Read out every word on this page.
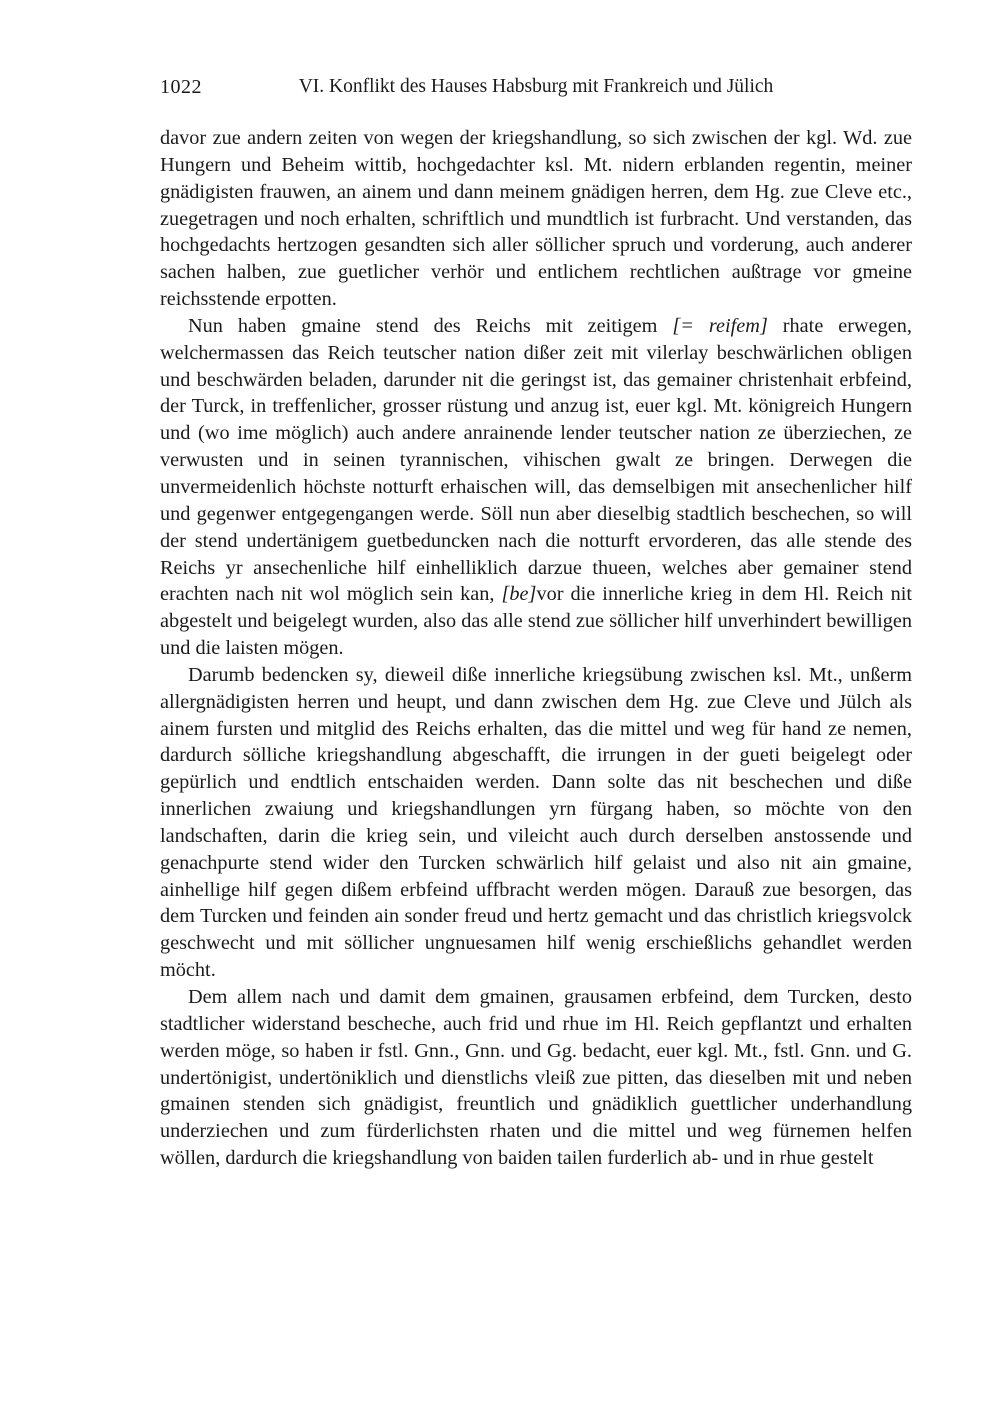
1022	VI. Konflikt des Hauses Habsburg mit Frankreich und Jülich

davor zue andern zeiten von wegen der kriegshandlung, so sich zwischen der kgl. Wd. zue Hungern und Beheim wittib, hochgedachter ksl. Mt. nidern erblanden regentin, meiner gnädigisten frauwen, an ainem und dann meinem gnädigen herren, dem Hg. zue Cleve etc., zuegetragen und noch erhalten, schriftlich und mundtlich ist furbracht. Und verstanden, das hochgedachts hertzogen gesandten sich aller söllicher spruch und vorderung, auch anderer sachen halben, zue guetlicher verhör und entlichem rechtlichen außtrage vor gmeine reichsstende erpotten.

Nun haben gmaine stend des Reichs mit zeitigem [= reifem] rhate erwegen, welchermassen das Reich teutscher nation dißer zeit mit vilerlay beschwärlichen obligen und beschwärden beladen, darunder nit die geringst ist, das gemainer christenhait erbfeind, der Turck, in treffenlicher, grosser rüstung und anzug ist, euer kgl. Mt. königreich Hungern und (wo ime möglich) auch andere anrainende lender teutscher nation ze überziechen, ze verwusten und in seinen tyrannischen, vihischen gwalt ze bringen. Derwegen die unvermeidenlich höchste notturft erhaischen will, das demselbigen mit ansechenlicher hilf und gegenwer entgegengangen werde. Söll nun aber dieselbig stadtlich beschechen, so will der stend undertänigem guetbeduncken nach die notturft ervorderen, das alle stende des Reichs yr ansechenliche hilf einhelliklich darzue thueen, welches aber gemainer stend erachten nach nit wol möglich sein kan, [be]vor die innerliche krieg in dem Hl. Reich nit abgestelt und beigelegt wurden, also das alle stend zue söllicher hilf unverhindert bewilligen und die laisten mögen.

Darumb bedencken sy, dieweil diße innerliche kriegsübung zwischen ksl. Mt., unßerm allergnädigisten herren und heupt, und dann zwischen dem Hg. zue Cleve und Jülch als ainem fursten und mitglid des Reichs erhalten, das die mittel und weg für hand ze nemen, dardurch sölliche kriegshandlung abgeschafft, die irrungen in der gueti beigelegt oder gepürlich und endtlich entschaiden werden. Dann solte das nit beschechen und diße innerlichen zwaiung und kriegshandlungen yrn fürgang haben, so möchte von den landschaften, darin die krieg sein, und vileicht auch durch derselben anstossende und genachpurte stend wider den Turcken schwärlich hilf gelaist und also nit ain gmaine, ainhellige hilf gegen dißem erbfeind uffbracht werden mögen. Darauß zue besorgen, das dem Turcken und feinden ain sonder freud und hertz gemacht und das christlich kriegsvolck geschwecht und mit söllicher ungnuesamen hilf wenig erschießlichs gehandlet werden möcht.

Dem allem nach und damit dem gmainen, grausamen erbfeind, dem Turcken, desto stadtlicher widerstand bescheche, auch frid und rhue im Hl. Reich gepflantzt und erhalten werden möge, so haben ir fstl. Gnn., Gnn. und Gg. bedacht, euer kgl. Mt., fstl. Gnn. und G. undertönigist, undertöniklich und dienstlichs vleiß zue pitten, das dieselben mit und neben gmainen stenden sich gnädigist, freuntlich und gnädiklich guettlicher underhandlung underziechen und zum fürderlichsten rhaten und die mittel und weg fürnemen helfen wöllen, dardurch die kriegshandlung von baiden tailen furderlich ab- und in rhue gestelt
